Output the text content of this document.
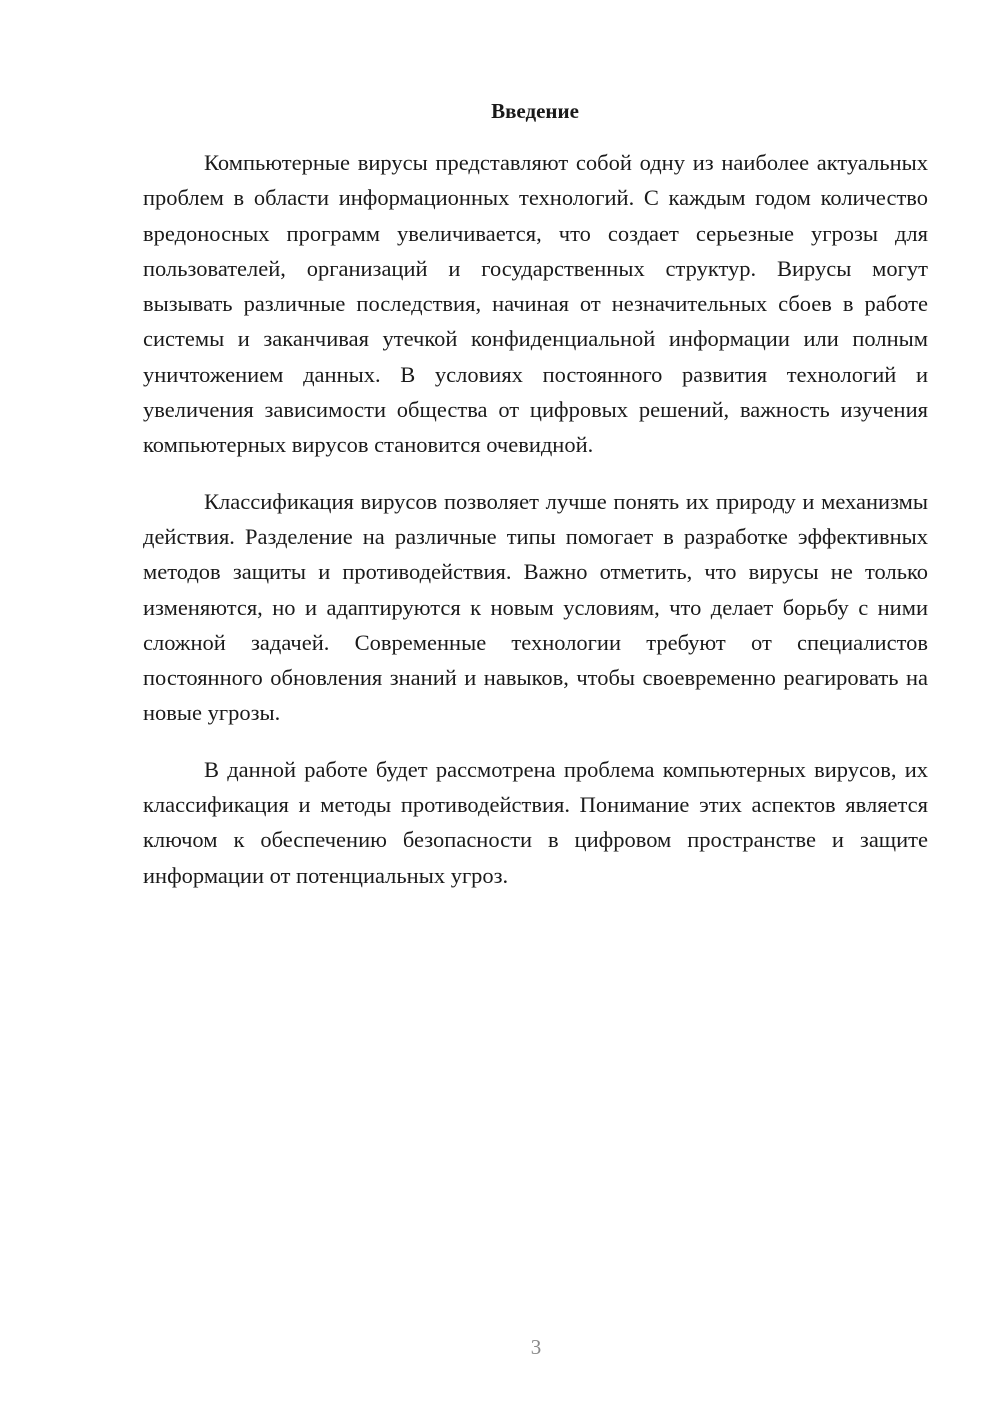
Введение

Компьютерные вирусы представляют собой одну из наиболее актуальных проблем в области информационных технологий. С каждым годом количество вредоносных программ увеличивается, что создает серьезные угрозы для пользователей, организаций и государственных структур. Вирусы могут вызывать различные последствия, начиная от незначительных сбоев в работе системы и заканчивая утечкой конфиденциальной информации или полным уничтожением данных. В условиях постоянного развития технологий и увеличения зависимости общества от цифровых решений, важность изучения компьютерных вирусов становится очевидной.

Классификация вирусов позволяет лучше понять их природу и механизмы действия. Разделение на различные типы помогает в разработке эффективных методов защиты и противодействия. Важно отметить, что вирусы не только изменяются, но и адаптируются к новым условиям, что делает борьбу с ними сложной задачей. Современные технологии требуют от специалистов постоянного обновления знаний и навыков, чтобы своевременно реагировать на новые угрозы.

В данной работе будет рассмотрена проблема компьютерных вирусов, их классификация и методы противодействия. Понимание этих аспектов является ключом к обеспечению безопасности в цифровом пространстве и защите информации от потенциальных угроз.

3
